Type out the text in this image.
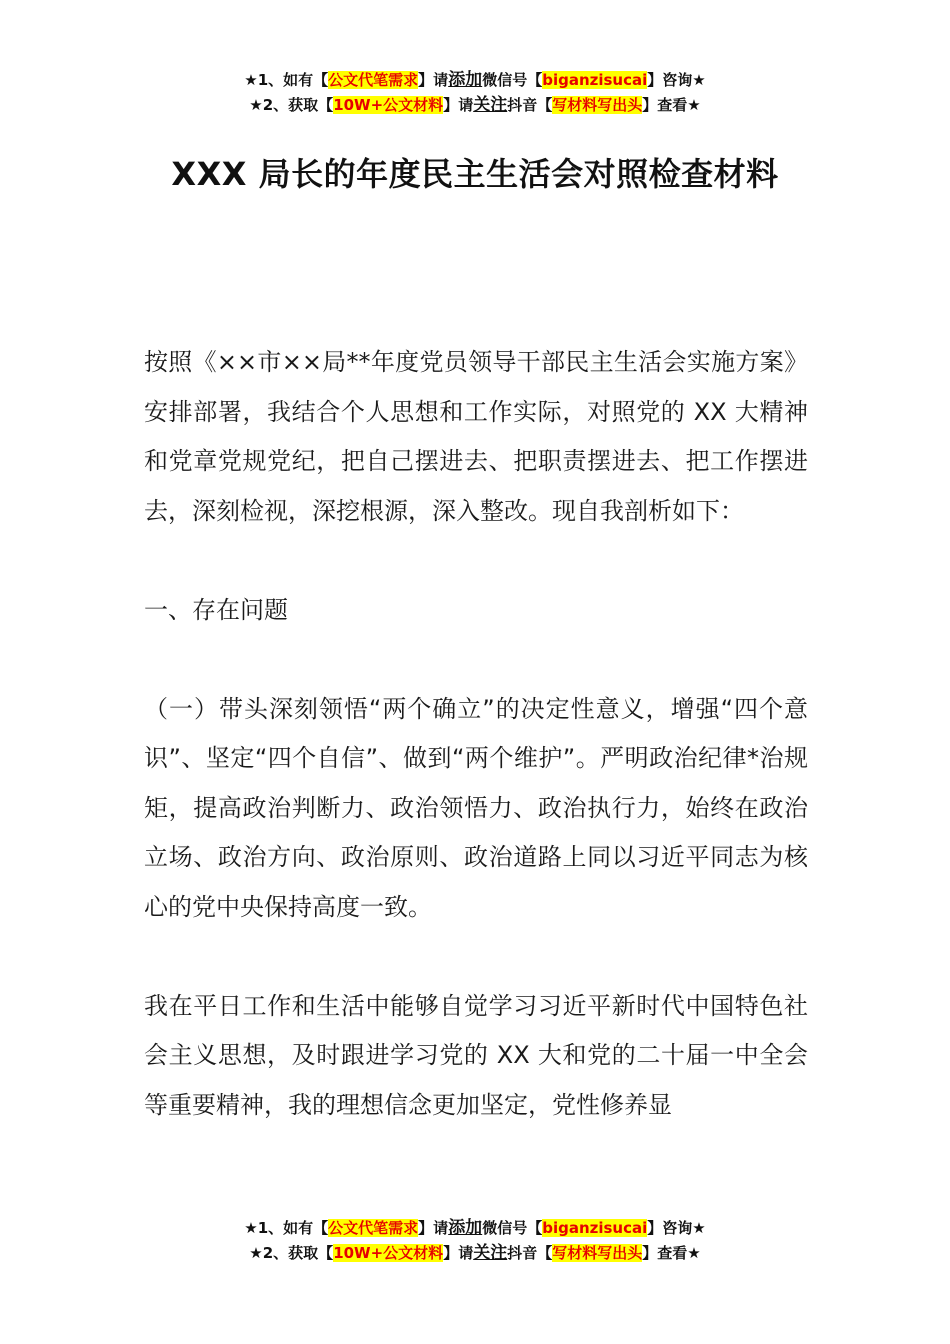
★1、如有【公文代笔需求】请添加微信号【biganzisucai】咨询★
★2、获取【10W+公文材料】请关注抖音【写材料写出头】查看★
XXX 局长的年度民主生活会对照检查材料

按照《××市××局**年度党员领导干部民主生活会实施方案》安排部署，我结合个人思想和工作实际，对照党的 XX 大精神和党章党规党纪，把自己摆进去、把职责摆进去、把工作摆进去，深刻检视，深挖根源，深入整改。现自我剖析如下：

一、存在问题

（一）带头深刻领悟“两个确立”的决定性意义，增强“四个意识”、坚定“四个自信”、做到“两个维护”。严明政治纪律*治规矩，提高政治判断力、政治领悟力、政治执行力，始终在政治立场、政治方向、政治原则、政治道路上同以习近平同志为核心的党中央保持高度一致。

我在平日工作和生活中能够自觉学习习近平新时代中国特色社会主义思想，及时跟进学习党的 XX 大和党的二十届一中全会等重要精神，我的理想信念更加坚定，党性修养显

★1、如有【公文代笔需求】请添加微信号【biganzisucai】咨询★
★2、获取【10W+公文材料】请关注抖音【写材料写出头】查看★
